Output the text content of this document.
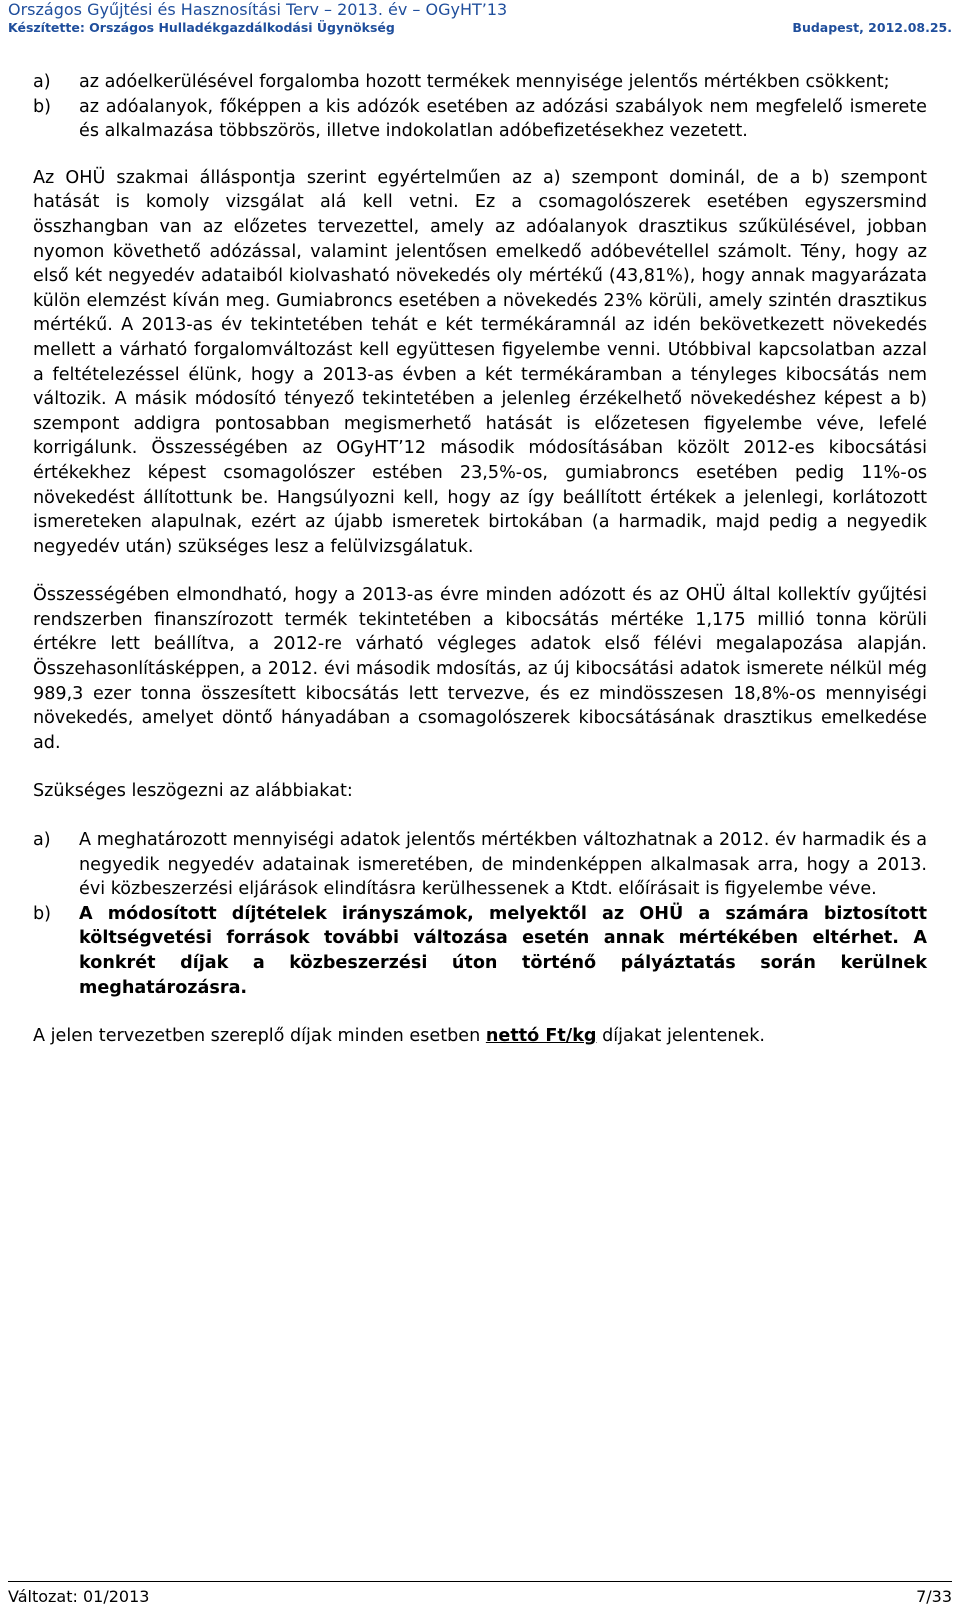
Országos Gyűjtési és Hasznosítási Terv – 2013. év – OGyHT’13
Készítette: Országos Hulladékgazdálkodási Ügynökség	Budapest, 2012.08.25.
a)	az adóelkerülésével forgalomba hozott termékek mennyisége jelentős mértékben csökkent;
b)	az adóalanyok, főképpen a kis adózók esetében az adózási szabályok nem megfelelő ismerete és alkalmazása többszörös, illetve indokolatlan adóbefizetésekhez vezetett.

Az OHÜ szakmai álláspontja szerint egyértelműen az a) szempont dominál, de a b) szempont hatását is komoly vizsgálat alá kell vetni. Ez a csomagolószerek esetében egyszersmind összhangban van az előzetes tervezettel, amely az adóalanyok drasztikus szűkülésével, jobban nyomon követhető adózással, valamint jelentősen emelkedő adóbevétellel számolt. Tény, hogy az első két negyedév adataiból kiolvasható növekedés oly mértékű (43,81%), hogy annak magyarázata külön elemzést kíván meg. Gumiabroncs esetében a növekedés 23% körüli, amely szintén drasztikus mértékű. A 2013-as év tekintetében tehát e két termékáramnál az idén bekövetkezett növekedés mellett a várható forgalomváltozást kell együttesen figyelembe venni. Utóbbival kapcsolatban azzal a feltételezéssel élünk, hogy a 2013-as évben a két termékáramban a tényleges kibocsátás nem változik. A másik módosító tényező tekintetében a jelenleg érzékelhető növekedéshez képest a b) szempont addigra pontosabban megismerhető hatását is előzetesen figyelembe véve, lefelé korrigálunk. Összességében az OGyHT’12 második módosításában közölt 2012-es kibocsátási értékekhez képest csomagolószer estében 23,5%-os, gumiabroncs esetében pedig 11%-os növekedést állítottunk be. Hangsúlyozni kell, hogy az így beállított értékek a jelenlegi, korlátozott ismereteken alapulnak, ezért az újabb ismeretek birtokában (a harmadik, majd pedig a negyedik negyedév után) szükséges lesz a felülvizsgálatuk.

Összességében elmondható, hogy a 2013-as évre minden adózott és az OHÜ által kollektív gyűjtési rendszerben finanszírozott termék tekintetében a kibocsátás mértéke 1,175 millió tonna körüli értékre lett beállítva, a 2012-re várható végleges adatok első félévi megalapozása alapján. Összehasonlításképpen, a 2012. évi második mdosítás, az új kibocsátási adatok ismerete nélkül még 989,3 ezer tonna összesített kibocsátás lett tervezve, és ez mindösszesen 18,8%-os mennyiségi növekedés, amelyet döntő hányadában a csomagolószerek kibocsátásának drasztikus emelkedése ad.

Szükséges leszögezni az alábbiakat:

a)	A meghatározott mennyiségi adatok jelentős mértékben változhatnak a 2012. év harmadik és a negyedik negyedév adatainak ismeretében, de mindenképpen alkalmasak arra, hogy a 2013. évi közbeszerzési eljárások elindításra kerülhessenek a Ktdt. előírásait is figyelembe véve.
b)	A módosított díjtételek irányszámok, melyektől az OHÜ a számára biztosított költségvetési források további változása esetén annak mértékében eltérhet. A konkrét díjak a közbeszerzési úton történő pályáztatás során kerülnek meghatározásra.

A jelen tervezetben szereplő díjak minden esetben nettó Ft/kg díjakat jelentenek.

Változat: 01/2013	7/33
